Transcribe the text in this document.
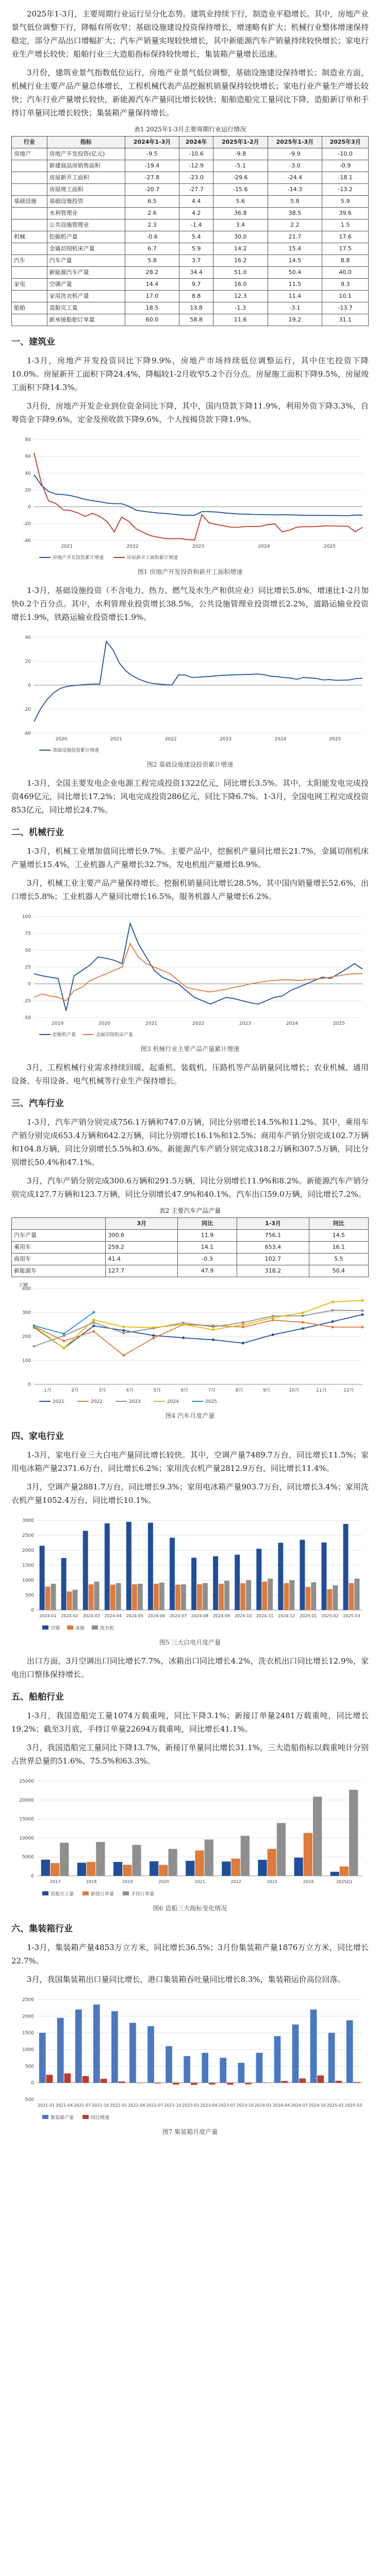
2025年1-3月，主要周期行业运行呈分化态势。建筑业持续下行，制造业平稳增长。其中，房地产业景气低位调整下行，降幅有所收窄；基础设施建设投资保持增长，增速略有扩大；机械行业整体增速保持稳定，部分产品出口增幅扩大；汽车产销量实现较快增长，其中新能源汽车产销量持续较快增长；家电行业生产增长较快；船舶行业三大造船指标保持较快增长，集装箱产量增长迅速。

3月份，建筑业景气指数低位运行，房地产业景气低位调整，基础设施建设保持增长；制造业方面，机械行业主要产品产量总体增长，工程机械代表产品挖掘机销量保持较快增长；家电行业产量生产增长较快；汽车行业产量增长较快，新能源汽车产量同比增长较快；船舶造船完工量同比下降，造船新订单和手持订单量同比增长较快；集装箱产量保持增长。

表1 2025年1-3月主要周期行业运行情况
行业	指标	2024年1-3月	2024年	2025年1-2月	2025年1-3月	2025年3月
房地产	房地产开发投资(亿元)	-9.5	-10.6	-9.8	-9.9	-10.0
	新建商品房销售面积	-19.4	-12.9	-5.1	-3.0	-0.9
	房屋新开工面积	-27.8	-23.0	-29.6	-24.4	-18.1
	房屋竣工面积	-20.7	-27.7	-15.6	-14.3	-13.2
基础设施	基础设施投资	6.5	4.4	5.6	5.8	5.9
	水利管理业	2.6	4.2	36.8	38.5	39.6
	公共设施管理业	2.3	-1.4	3.4	2.2	1.5
机械	挖掘机产量	-0.6	5.4	30.0	21.7	17.6
	金属切削机床产量	6.7	5.9	14.2	15.4	17.5
汽车	汽车产量	5.8	3.7	16.2	14.5	8.8
	新能源汽车产量	28.2	34.4	51.0	50.4	40.0
家电	空调产量	14.4	9.7	16.0	11.5	9.3
	家用洗衣机产量	17.0	8.8	12.3	11.4	10.1
船舶	造船完工量	18.5	13.8	-1.3	-3.1	-13.7
	新承接船舶订单量	60.0	58.8	11.6	19.2	31.1
一、建筑业

1-3月，房地产开发投资同比下降9.9%，房地产市场持续低位调整运行，其中住宅投资下降10.0%。房屋新开工面积下降24.4%，降幅较1-2月收窄5.2个百分点。房屋施工面积下降9.5%，房屋竣工面积下降14.3%。

3月份，房地产开发企业到位资金同比下降，其中，国内贷款下降11.9%，利用外资下降3.3%，自筹资金下降9.6%，定金及预收款下降9.6%，个人按揭贷款下降1.9%。

-40
-20
0
20
40
60
80
2021	2022	2023	2024	2025
房地产开发投资累计增速	房屋新开工面积累计增速
图1 房地产开发投资和新开工面积增速

1-3月，基础设施投资（不含电力、热力、燃气及水生产和供应业）同比增长5.8%，增速比1-2月加快0.2个百分点。其中，水利管理业投资增长38.5%，公共设施管理业投资增长2.2%，道路运输业投资增长1.9%，铁路运输业投资增长1.9%。

-40
-20
0
20
40
2020	2021	2022	2023	2024	2025
基础设施投资累计增速
图2 基础设施建设投资累计增速

1-3月，全国主要发电企业电源工程完成投资1322亿元，同比增长3.5%。其中，太阳能发电完成投资469亿元，同比增长17.2%；风电完成投资286亿元，同比下降6.7%。1-3月，全国电网工程完成投资853亿元，同比增长24.7%。

二、机械行业

1-3月，机械工业增加值同比增长9.7%。主要产品中，挖掘机产量同比增长21.7%，金属切削机床产量增长15.4%，工业机器人产量增长32.7%，发电机组产量增长8.9%。

3月，机械工业主要产品产量保持增长。挖掘机销量同比增长28.5%，其中国内销量增长52.6%，出口增长5.8%；工业机器人产量同比增长16.5%，服务机器人产量增长6.2%。

-50
-25
0
25
50
75
100
2019	2020	2021	2022	2023	2024	2025
挖掘机产量	金属切削机床产量
图3 机械行业主要产品产量累计增速

3月，工程机械行业需求持续回暖，起重机、装载机、压路机等产品销量同比增长；农业机械、通用设备、专用设备、电气机械等行业生产保持增长。

三、汽车行业

1-3月，汽车产销分别完成756.1万辆和747.0万辆，同比分别增长14.5%和11.2%。其中，乘用车产销分别完成653.4万辆和642.2万辆，同比分别增长16.1%和12.5%；商用车产销分别完成102.7万辆和104.8万辆，同比分别增长5.5%和3.6%。新能源汽车产销分别完成318.2万辆和307.5万辆，同比分别增长50.4%和47.1%。

3月，汽车产销分别完成300.6万辆和291.5万辆，同比分别增长11.9%和8.2%。新能源汽车产销分别完成127.7万辆和123.7万辆，同比分别增长47.9%和40.1%。汽车出口59.0万辆，同比增长7.2%。

表2 主要汽车产品产量
	3月	同比	1-3月	同比
汽车产量	300.6	11.9	756.1	14.5
乘用车	259.2	14.1	653.4	16.1
商用车	41.4	-0.3	102.7	5.5
新能源车	127.7	47.9	318.2	50.4
0
100
200
300
400
1月	2月	3月	4月	5月	6月	7月	8月	9月	10月	11月	12月
万辆
2021	2022	2023	2024	2025
图4 汽车月度产量
四、家电行业

1-3月，家电行业三大白电产量同比增长较快。其中，空调产量7489.7万台，同比增长11.5%；家用电冰箱产量2371.6万台，同比增长6.2%；家用洗衣机产量2812.9万台，同比增长11.4%。

3月，空调产量2881.7万台，同比增长9.3%；家用电冰箱产量903.7万台，同比增长3.4%；家用洗衣机产量1052.4万台，同比增长10.1%。

0
500
1000
1500
2000
2500
3000
2024-01 2024-02 2024-03 2024-04 2024-05 2024-06 2024-07 2024-08 2024-09 2024-10 2024-11 2024-12 2025-01 2025-02 2025-03
空调	冰箱	洗衣机
图5 三大白电月度产量

出口方面，3月空调出口同比增长7.7%，冰箱出口同比增长4.2%，洗衣机出口同比增长12.9%，家电出口整体保持增长。

五、船舶行业

1-3月，我国造船完工量1074万载重吨，同比下降3.1%；新接订单量2481万载重吨，同比增长19.2%；截至3月底，手持订单量22694万载重吨，同比增长41.1%。

3月，我国造船完工量同比下降13.7%，新接订单量同比增长31.1%，三大造船指标以载重吨计分别占世界总量的51.6%、75.5%和63.3%。

0
5000
10000
15000
20000
25000
2017	2018	2019	2020	2021	2022	2023	2024	2025Q1
造船完工量	新接订单量	手持订单量
图6 造船三大指标变化情况
六、集装箱行业

1-3月，集装箱产量4853万立方米，同比增长36.5%；3月份集装箱产量1876万立方米，同比增长22.7%。

3月，我国集装箱出口量同比增长，港口集装箱吞吐量同比增长8.3%，集装箱运价高位回落。

-500
0
500
1000
1500
2000
2500
2021-01 2021-04 2021-07 2021-10 2022-01 2022-04 2022-07 2022-10 2023-01 2023-04 2023-07 2023-10 2024-01 2024-04 2024-07 2024-10 2025-01 2025-03
集装箱产量	同比增速
图7 集装箱月度产量
